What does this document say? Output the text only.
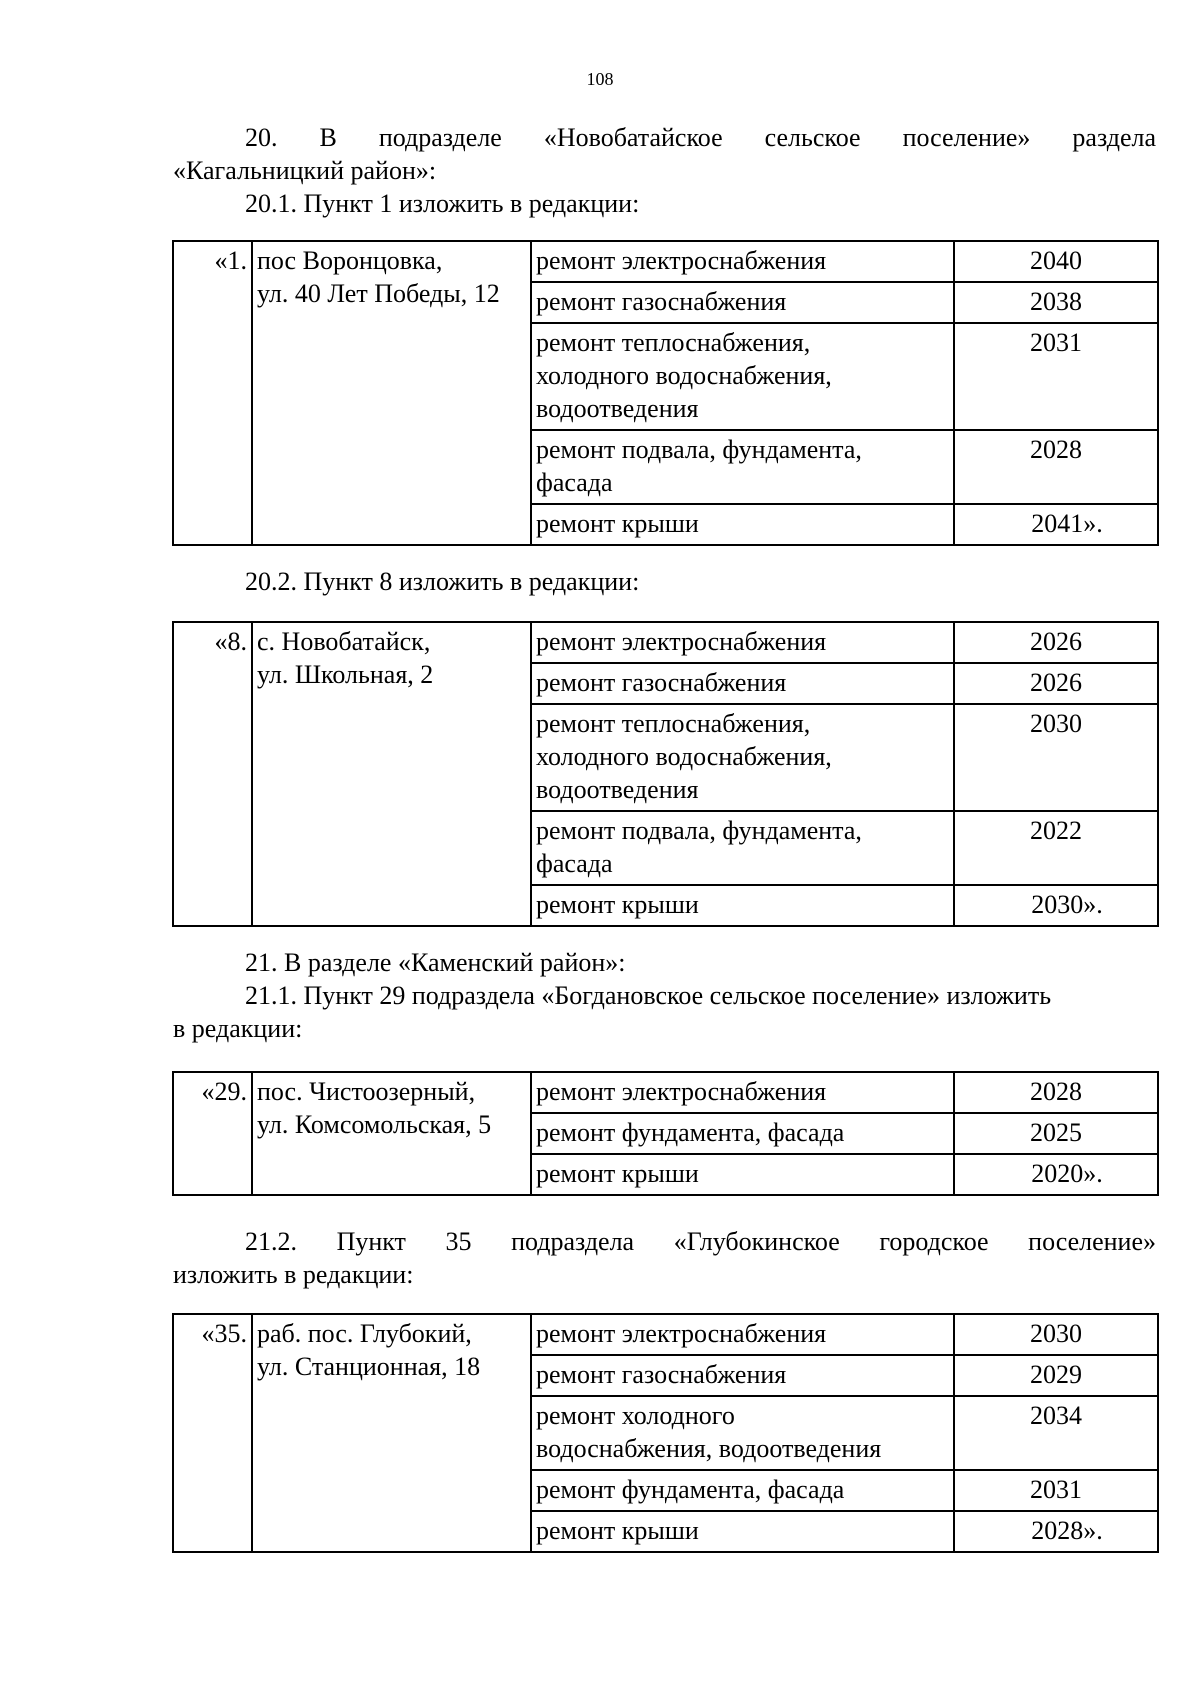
108

20. В подразделе «Новобатайское сельское поселение» раздела

«Кагальницкий район»:

20.1. Пункт 1 изложить в редакции:

«1.	пос Воронцовка,
ул. 40 Лет Победы, 12	ремонт электроснабжения	2040

		ремонт газоснабжения	2038

		ремонт теплоснабжения,
холодного водоснабжения,
водоотведения	2031

		ремонт подвала, фундамента,
фасада	2028

		ремонт крыши	2041».

20.2. Пункт 8 изложить в редакции:

«8.	с. Новобатайск,
ул. Школьная, 2	ремонт электроснабжения	2026

		ремонт газоснабжения	2026

		ремонт теплоснабжения,
холодного водоснабжения,
водоотведения	2030

		ремонт подвала, фундамента,
фасада	2022

		ремонт крыши	2030».

21. В разделе «Каменский район»:

21.1. Пункт 29 подраздела «Богдановское сельское поселение» изложить

в редакции:

«29.	пос. Чистоозерный,
ул. Комсомольская, 5	ремонт электроснабжения	2028

		ремонт фундамента, фасада	2025

		ремонт крыши	2020».

21.2. Пункт 35 подраздела «Глубокинское городское поселение»

изложить в редакции:

«35.	раб. пос. Глубокий,
ул. Станционная, 18	ремонт электроснабжения	2030

		ремонт газоснабжения	2029

		ремонт холодного
водоснабжения, водоотведения	2034

		ремонт фундамента, фасада	2031

		ремонт крыши	2028».
